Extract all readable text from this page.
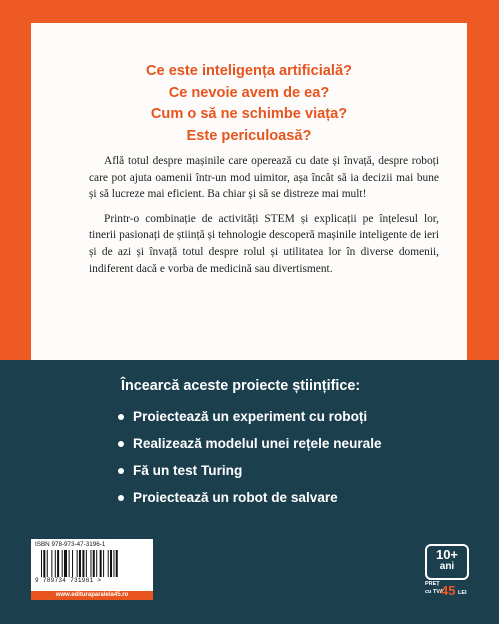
Ce este inteligența artificială?
Ce nevoie avem de ea?
Cum o să ne schimbe viața?
Este periculoasă?

Află totul despre mașinile care operează cu date și învață, despre roboți care pot ajuta oamenii într-un mod uimitor, așa încât să ia decizii mai bune și să lucreze mai eficient. Ba chiar și să se distreze mai mult!

Printr-o combinație de activități STEM și explicații pe înțelesul lor, tinerii pasionați de știință și tehnologie descoperă mașinile inteligente de ieri și de azi și învață totul despre rolul și utilitatea lor în diverse domenii, indiferent dacă e vorba de medicină sau divertisment.

Încearcă aceste proiecte științifice:
Proiectează un experiment cu roboți
Realizează modelul unei rețele neurale
Fă un test Turing
Proiectează un robot de salvare
ISBN 978-973-47-3196-1
9 789734 731961 >
www.edituraparalela45.ro
10+
ani
PREȚ
cu TVA
45 LEI
